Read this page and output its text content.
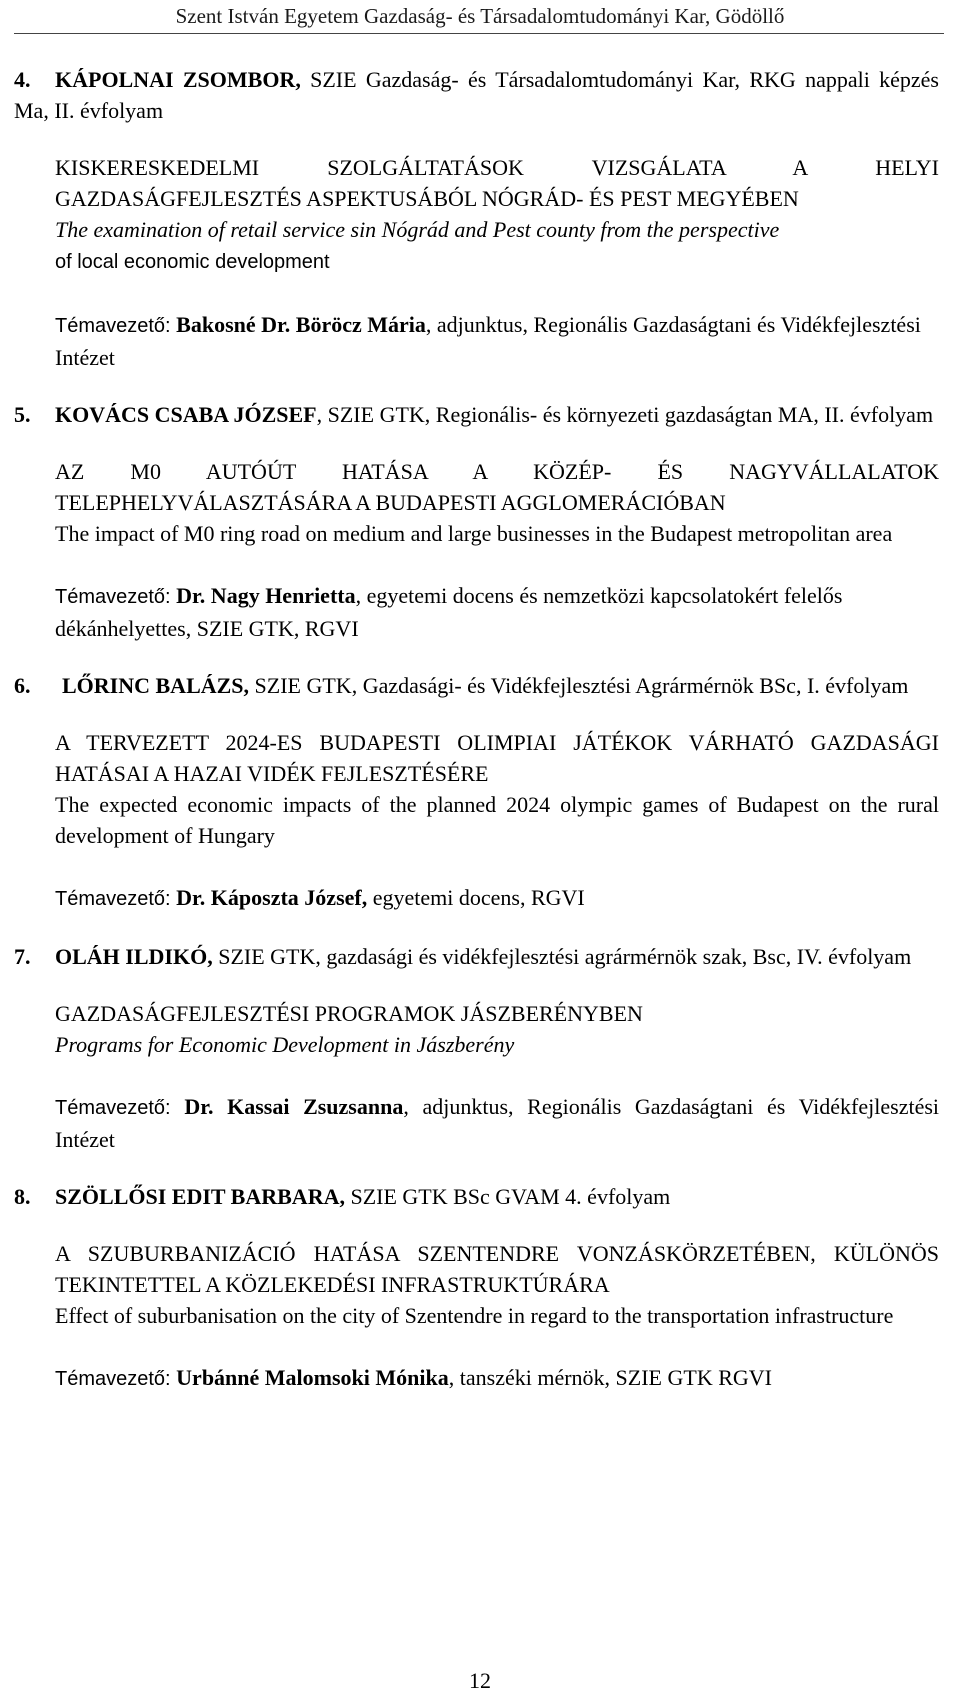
Szent István Egyetem Gazdaság- és Társadalomtudományi Kar, Gödöllő
4.	KÁPOLNAI ZSOMBOR, SZIE Gazdaság- és Társadalomtudományi Kar, RKG nappali képzés Ma, II. évfolyam
KISKERESKEDELMI SZOLGÁLTATÁSOK VIZSGÁLATA A HELYI GAZDASÁGFEJLESZTÉS ASPEKTUSÁBÓL NÓGRÁD- ÉS PEST MEGYÉBEN
The examination of retail service sin Nógrád and Pest county from the perspective
of local economic development
Témavezető: Bakosné Dr. Böröcz Mária, adjunktus, Regionális Gazdaságtani és Vidékfejlesztési Intézet
5.	KOVÁCS CSABA JÓZSEF, SZIE GTK, Regionális- és környezeti gazdaságtan MA, II. évfolyam
AZ M0 AUTÓÚT HATÁSA A KÖZÉP- ÉS NAGYVÁLLALATOK TELEPHELYVÁLASZTÁSÁRA A BUDAPESTI AGGLOMERÁCIÓBAN
The impact of M0 ring road on medium and large businesses in the Budapest metropolitan area
Témavezető: Dr. Nagy Henrietta, egyetemi docens és nemzetközi kapcsolatokért felelős dékánhelyettes, SZIE GTK, RGVI
6.	LŐRINC BALÁZS, SZIE GTK, Gazdasági- és Vidékfejlesztési Agrármérnök BSc, I. évfolyam
A TERVEZETT 2024-ES BUDAPESTI OLIMPIAI JÁTÉKOK VÁRHATÓ GAZDASÁGI HATÁSAI A HAZAI VIDÉK FEJLESZTÉSÉRE
The expected economic impacts of the planned 2024 olympic games of Budapest on the rural development of Hungary
Témavezető: Dr. Káposzta József, egyetemi docens, RGVI
7.	OLÁH ILDIKÓ, SZIE GTK, gazdasági és vidékfejlesztési agrármérnök szak, Bsc, IV. évfolyam
GAZDASÁGFEJLESZTÉSI PROGRAMOK JÁSZBERÉNYBEN
Programs for Economic Development in Jászberény
Témavezető: Dr. Kassai Zsuzsanna, adjunktus, Regionális Gazdaságtani és Vidékfejlesztési Intézet
8.	SZÖLLŐSI EDIT BARBARA, SZIE GTK BSc GVAM 4. évfolyam
A SZUBURBANIZÁCIÓ HATÁSA SZENTENDRE VONZÁSKÖRZETÉBEN, KÜLÖNÖS TEKINTETTEL A KÖZLEKEDÉSI INFRASTRUKTÚRÁRA
Effect of suburbanisation on the city of Szentendre in regard to the transportation infrastructure
Témavezető: Urbánné Malomsoki Mónika, tanszéki mérnök, SZIE GTK RGVI
12
